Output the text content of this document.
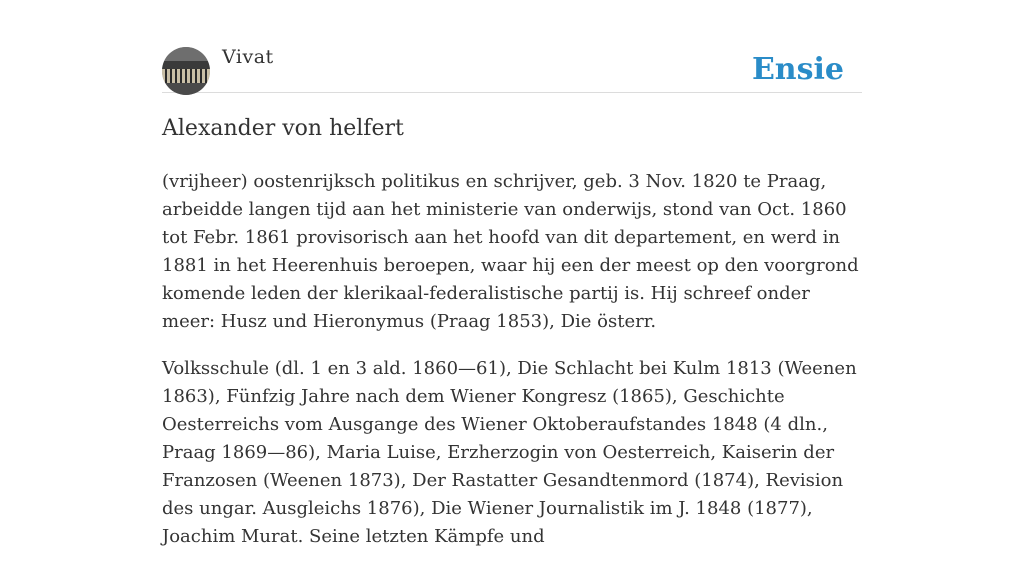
Vivat	Ensie
Alexander von helfert

(vrijheer) oostenrijksch politikus en schrijver, geb. 3 Nov. 1820 te Praag, arbeidde langen tijd aan het ministerie van onderwijs, stond van Oct. 1860 tot Febr. 1861 provisorisch aan het hoofd van dit departement, en werd in 1881 in het Heerenhuis beroepen, waar hij een der meest op den voorgrond komende leden der klerikaal-federalistische partij is. Hij schreef onder meer: Husz und Hieronymus (Praag 1853), Die österr.

Volksschule (dl. 1 en 3 ald. 1860—61), Die Schlacht bei Kulm 1813 (Weenen 1863), Fünfzig Jahre nach dem Wiener Kongresz (1865), Geschichte Oesterreichs vom Ausgange des Wiener Oktoberaufstandes 1848 (4 dln., Praag 1869—86), Maria Luise, Erzherzogin von Oesterreich, Kaiserin der Franzosen (Weenen 1873), Der Rastatter Gesandtenmord (1874), Revision des ungar. Ausgleichs 1876), Die Wiener Journalistik im J. 1848 (1877), Joachim Murat. Seine letzten Kämpfe und
